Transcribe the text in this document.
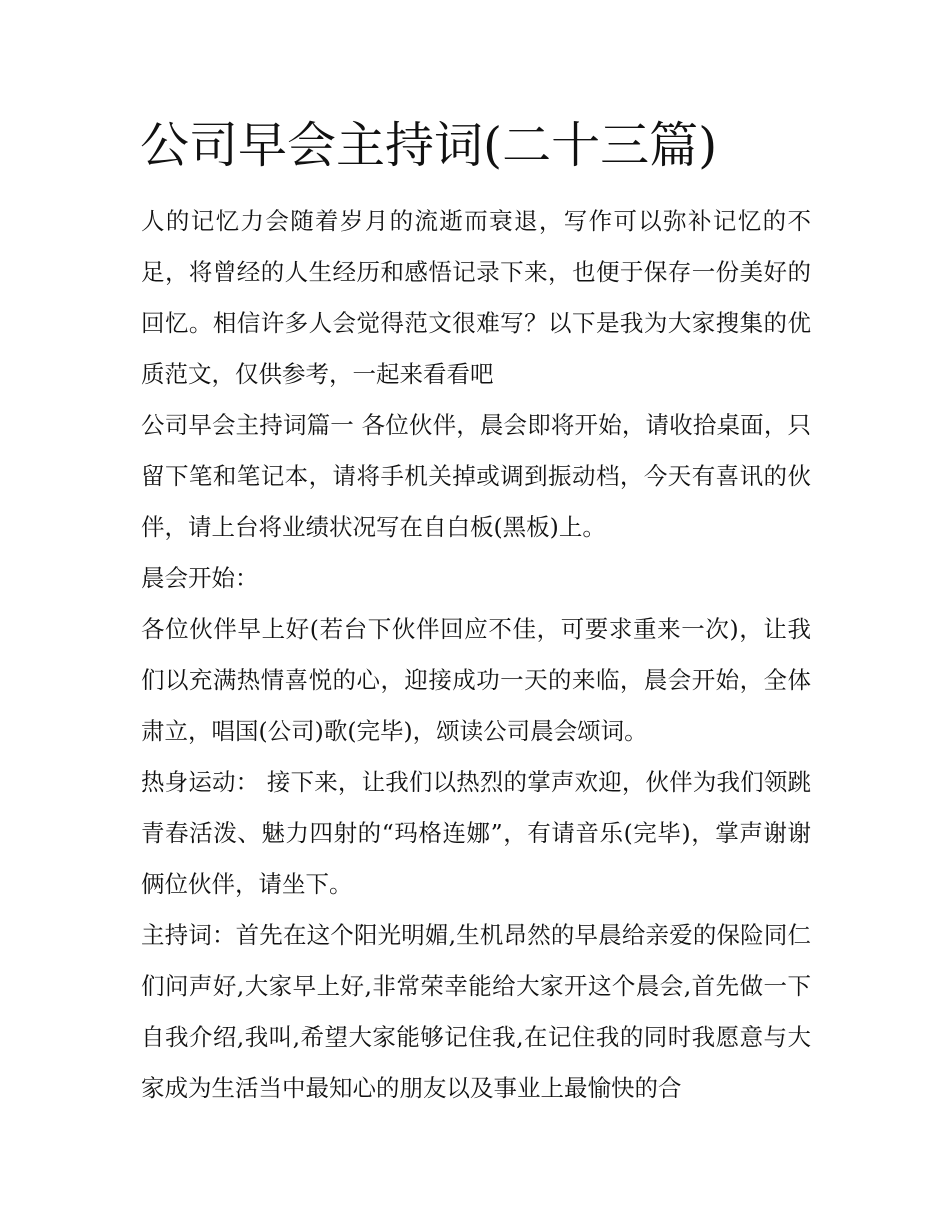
公司早会主持词(二十三篇)

人的记忆力会随着岁月的流逝而衰退，写作可以弥补记忆的不足，将曾经的人生经历和感悟记录下来，也便于保存一份美好的回忆。相信许多人会觉得范文很难写？以下是我为大家搜集的优质范文，仅供参考，一起来看看吧

公司早会主持词篇一 各位伙伴，晨会即将开始，请收拾桌面，只留下笔和笔记本，请将手机关掉或调到振动档，今天有喜讯的伙伴，请上台将业绩状况写在自白板(黑板)上。

晨会开始：

各位伙伴早上好(若台下伙伴回应不佳，可要求重来一次)，让我们以充满热情喜悦的心，迎接成功一天的来临，晨会开始，全体肃立，唱国(公司)歌(完毕)，颂读公司晨会颂词。

热身运动： 接下来，让我们以热烈的掌声欢迎，伙伴为我们领跳青春活泼、魅力四射的“玛格连娜”，有请音乐(完毕)，掌声谢谢俩位伙伴，请坐下。

主持词：首先在这个阳光明媚,生机昂然的早晨给亲爱的保险同仁们问声好,大家早上好,非常荣幸能给大家开这个晨会,首先做一下自我介绍,我叫,希望大家能够记住我,在记住我的同时我愿意与大家成为生活当中最知心的朋友以及事业上最愉快的合
